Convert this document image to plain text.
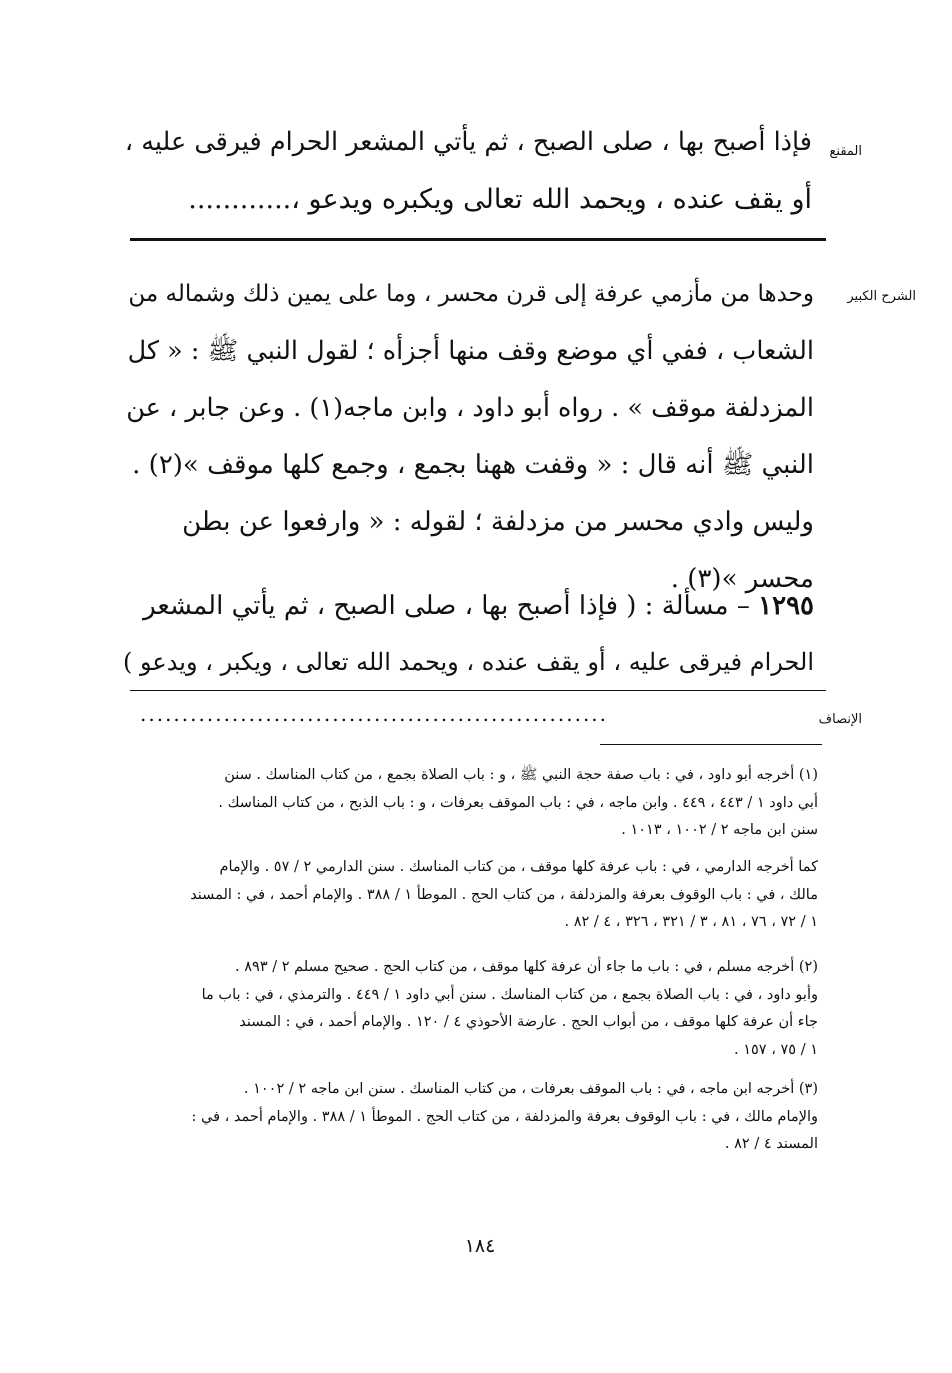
المقنع
فإذا أصبح بها ، صلى الصبح ، ثم يأتي المشعر الحرام فيرقى عليه ،
أو يقف عنده ، ويحمد الله تعالى ويكبره ويدعو ،............
الشرح الكبير
وحدها من مأزمي عرفة إلى قرن محسر ، وما على يمين ذلك وشماله من
الشعاب ، ففي أي موضع وقف منها أجزأه ؛ لقول النبي ﷺ : « كل
المزدلفة موقف » . رواه أبو داود ، وابن ماجه(١) . وعن جابر ، عن
النبي ﷺ أنه قال : « وقفت ههنا بجمع ، وجمع كلها موقف »(٢) .
وليس وادي محسر من مزدلفة ؛ لقوله : « وارفعوا عن بطن
محسر »(٣) .
١٢٩٥ – مسألة : ( فإذا أصبح بها ، صلى الصبح ، ثم يأتي المشعر
الحرام فيرقى عليه ، أو يقف عنده ، ويحمد الله تعالى ، ويكبر ، ويدعو )
الإنصاف
........................................................
(١) أخرجه أبو داود ، في : باب صفة حجة النبي ﷺ ، و : باب الصلاة بجمع ، من كتاب المناسك . سنن
أبي داود ١ / ٤٤٣ ، ٤٤٩ . وابن ماجه ، في : باب الموقف بعرفات ، و : باب الذبح ، من كتاب المناسك .
سنن ابن ماجه ٢ / ١٠٠٢ ، ١٠١٣ .
كما أخرجه الدارمي ، في : باب عرفة كلها موقف ، من كتاب المناسك . سنن الدارمي ٢ / ٥٧ . والإمام
مالك ، في : باب الوقوف بعرفة والمزدلفة ، من كتاب الحج . الموطأ ١ / ٣٨٨ . والإمام أحمد ، في : المسند
١ / ٧٢ ، ٧٦ ، ٨١ ، ٣ / ٣٢١ ، ٣٢٦ ، ٤ / ٨٢ .
(٢) أخرجه مسلم ، في : باب ما جاء أن عرفة كلها موقف ، من كتاب الحج . صحيح مسلم ٢ / ٨٩٣ .
وأبو داود ، في : باب الصلاة بجمع ، من كتاب المناسك . سنن أبي داود ١ / ٤٤٩ . والترمذي ، في : باب ما
جاء أن عرفة كلها موقف ، من أبواب الحج . عارضة الأحوذي ٤ / ١٢٠ . والإمام أحمد ، في : المسند
١ / ٧٥ ، ١٥٧ .
(٣) أخرجه ابن ماجه ، في : باب الموقف بعرفات ، من كتاب المناسك . سنن ابن ماجه ٢ / ١٠٠٢ .
والإمام مالك ، في : باب الوقوف بعرفة والمزدلفة ، من كتاب الحج . الموطأ ١ / ٣٨٨ . والإمام أحمد ، في :
المسند ٤ / ٨٢ .
١٨٤
